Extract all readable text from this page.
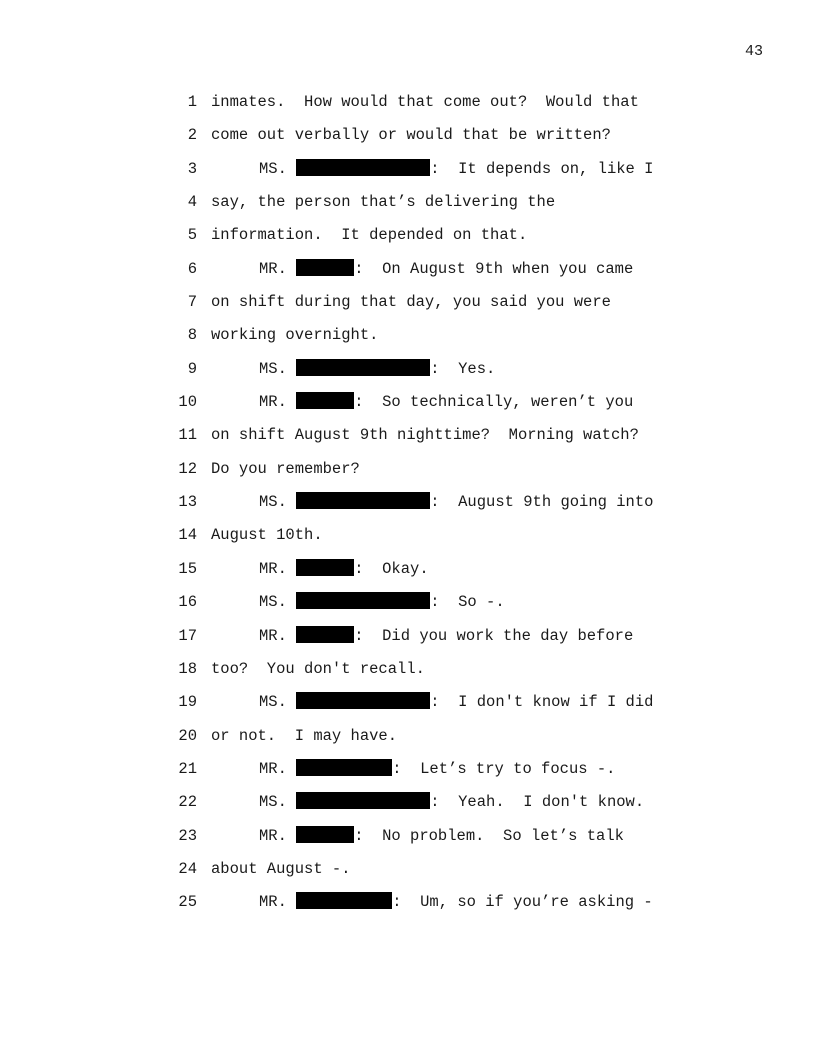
43
1 inmates.  How would that come out?  Would that
2 come out verbally or would that be written?
3	MS.	:  It depends on, like I
4 say, the person that’s delivering the
5 information.  It depended on that.
6	MR.	:  On August 9th when you came
7 on shift during that day, you said you were
8 working overnight.
9	MS.	:  Yes.
10	MR.	:  So technically, weren’t you
11 on shift August 9th nighttime?  Morning watch?
12 Do you remember?
13	MS.	:  August 9th going into
14 August 10th.
15	MR.	:  Okay.
16	MS.	:  So -.
17	MR.	:  Did you work the day before
18 too?  You don't recall.
19	MS.	:  I don't know if I did
20 or not.  I may have.
21	MR.	:  Let’s try to focus -.
22	MS.	:  Yeah.  I don't know.
23	MR.	:  No problem.  So let’s talk
24 about August -.
25	MR.	:  Um, so if you’re asking -
